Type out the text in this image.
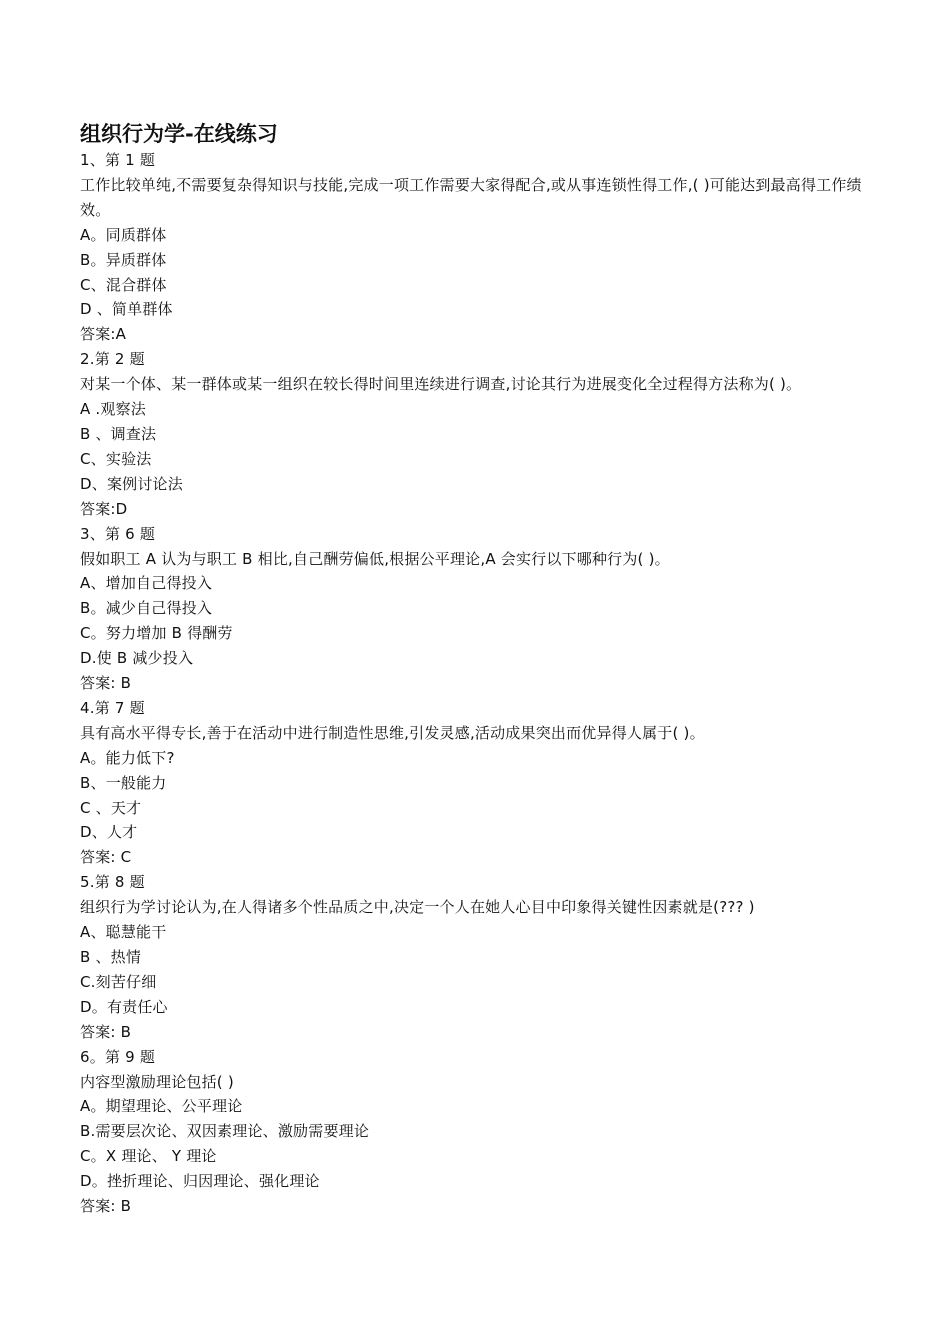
组织行为学-在线练习
1、第 1 题
工作比较单纯,不需要复杂得知识与技能,完成一项工作需要大家得配合,或从事连锁性得工作,( )可能达到最高得工作绩效。
A。同质群体
B。异质群体
C、混合群体
D 、简单群体
答案:A
2.第 2 题
对某一个体、某一群体或某一组织在较长得时间里连续进行调查,讨论其行为进展变化全过程得方法称为( )。
A .观察法
B 、调查法
C、实验法
D、案例讨论法
答案:D
3、第 6 题
假如职工 A 认为与职工 B 相比,自己酬劳偏低,根据公平理论,A 会实行以下哪种行为( )。
A、增加自己得投入
B。减少自己得投入
C。努力增加 B 得酬劳
D.使 B 减少投入
答案: B
4.第 7 题
具有高水平得专长,善于在活动中进行制造性思维,引发灵感,活动成果突出而优异得人属于( )。
A。能力低下?
B、一般能力
C 、天才
D、人才
答案: C
5.第 8 题
组织行为学讨论认为,在人得诸多个性品质之中,决定一个人在她人心目中印象得关键性因素就是(??? )
A、聪慧能干
B 、热情
C.刻苦仔细
D。有责任心
答案: B
6。第 9 题
内容型激励理论包括( )
A。期望理论、公平理论
B.需要层次论、双因素理论、激励需要理论
C。X 理论、 Y 理论
D。挫折理论、归因理论、强化理论
答案: B
